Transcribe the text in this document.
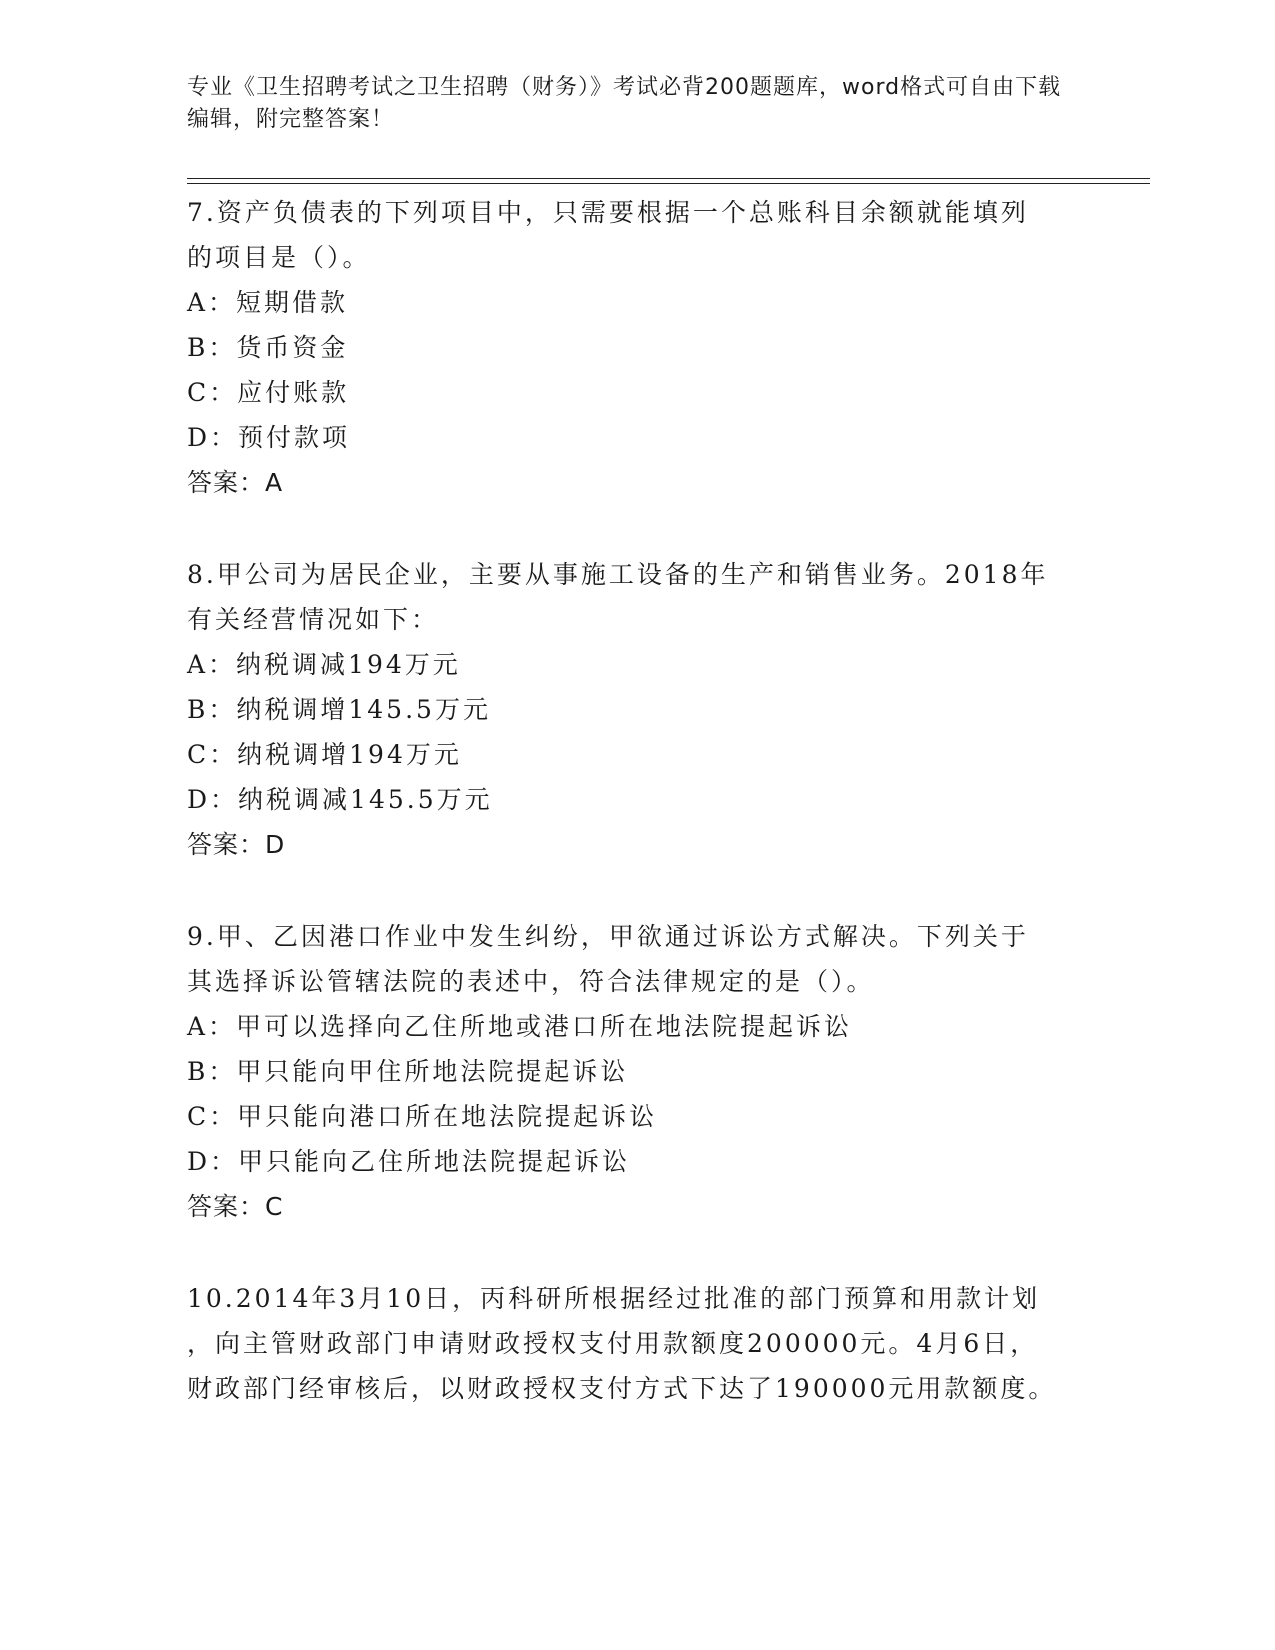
专业《卫生招聘考试之卫生招聘（财务）》考试必背200题题库，word格式可自由下载编辑，附完整答案！

7.资产负债表的下列项目中，只需要根据一个总账科目余额就能填列

的项目是（）。

A：短期借款

B：货币资金

C：应付账款

D：预付款项

答案：A

8.甲公司为居民企业，主要从事施工设备的生产和销售业务。2018年

有关经营情况如下：

A：纳税调减194万元

B：纳税调增145.5万元

C：纳税调增194万元

D：纳税调减145.5万元

答案：D

9.甲、乙因港口作业中发生纠纷，甲欲通过诉讼方式解决。下列关于

其选择诉讼管辖法院的表述中，符合法律规定的是（）。

A：甲可以选择向乙住所地或港口所在地法院提起诉讼

B：甲只能向甲住所地法院提起诉讼

C：甲只能向港口所在地法院提起诉讼

D：甲只能向乙住所地法院提起诉讼

答案：C

10.2014年3月10日，丙科研所根据经过批准的部门预算和用款计划

，向主管财政部门申请财政授权支付用款额度200000元。4月6日，

财政部门经审核后，以财政授权支付方式下达了190000元用款额度。
